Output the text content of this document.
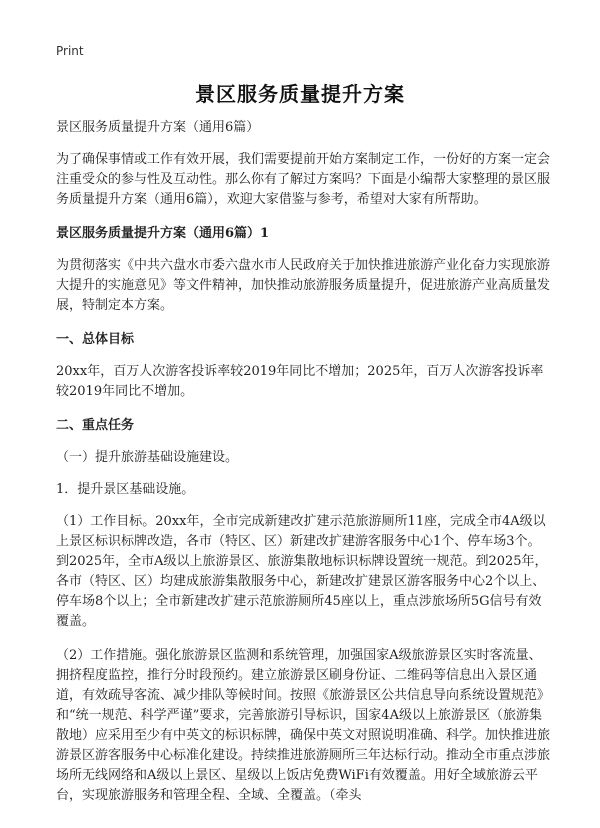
Print
景区服务质量提升方案

景区服务质量提升方案（通用6篇）

为了确保事情或工作有效开展，我们需要提前开始方案制定工作，一份好的方案一定会注重受众的参与性及互动性。那么你有了解过方案吗？下面是小编帮大家整理的景区服务质量提升方案（通用6篇），欢迎大家借鉴与参考，希望对大家有所帮助。

景区服务质量提升方案（通用6篇）1

为贯彻落实《中共六盘水市委六盘水市人民政府关于加快推进旅游产业化奋力实现旅游大提升的实施意见》等文件精神，加快推动旅游服务质量提升，促进旅游产业高质量发展，特制定本方案。

一、总体目标

20xx年，百万人次游客投诉率较2019年同比不增加；2025年，百万人次游客投诉率较2019年同比不增加。

二、重点任务

（一）提升旅游基础设施建设。

1．提升景区基础设施。

（1）工作目标。20xx年，全市完成新建改扩建示范旅游厕所11座，完成全市4A级以上景区标识标牌改造，各市（特区、区）新建改扩建游客服务中心1个、停车场3个。到2025年，全市A级以上旅游景区、旅游集散地标识标牌设置统一规范。到2025年，各市（特区、区）均建成旅游集散服务中心，新建改扩建景区游客服务中心2个以上、停车场8个以上；全市新建改扩建示范旅游厕所45座以上，重点涉旅场所5G信号有效覆盖。

（2）工作措施。强化旅游景区监测和系统管理，加强国家A级旅游景区实时客流量、拥挤程度监控，推行分时段预约。建立旅游景区刷身份证、二维码等信息出入景区通道，有效疏导客流、减少排队等候时间。按照《旅游景区公共信息导向系统设置规范》和“统一规范、科学严谨”要求，完善旅游引导标识，国家4A级以上旅游景区（旅游集散地）应采用至少有中英文的标识标牌，确保中英文对照说明准确、科学。加快推进旅游景区游客服务中心标准化建设。持续推进旅游厕所三年达标行动。推动全市重点涉旅场所无线网络和A级以上景区、星级以上饭店免费WiFi有效覆盖。用好全域旅游云平台，实现旅游服务和管理全程、全域、全覆盖。（牵头
